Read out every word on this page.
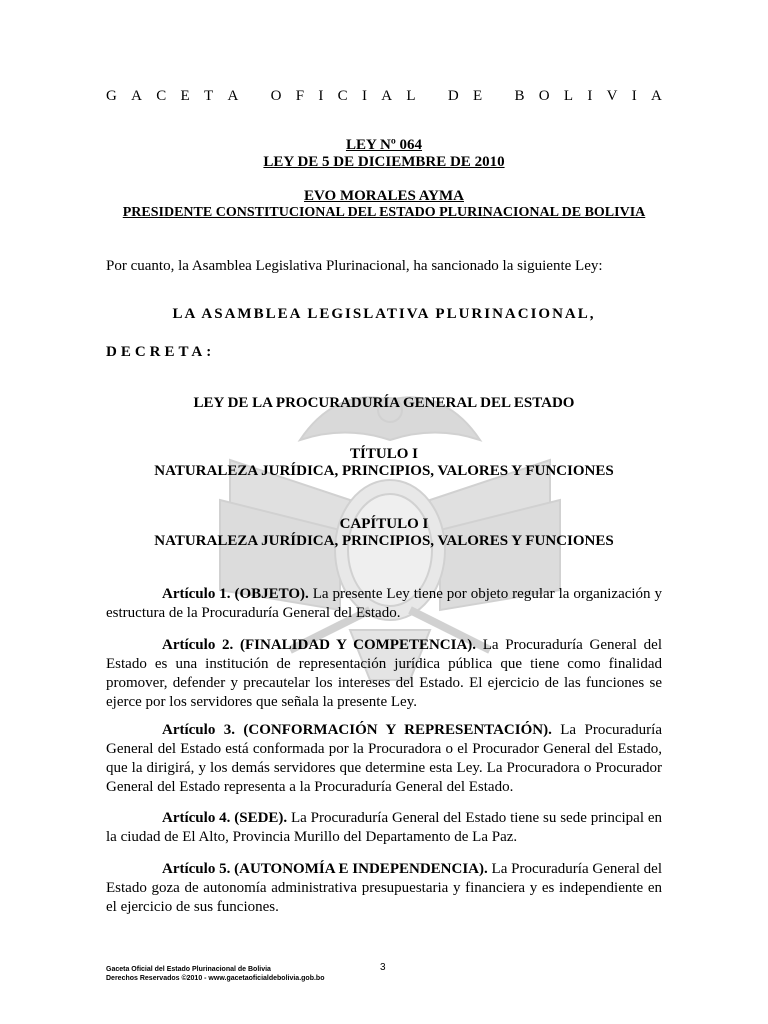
G A C E T A
O F I C I A L
D E
B O L I V I A
LEY Nº 064
LEY DE 5 DE DICIEMBRE DE 2010
EVO MORALES AYMA
PRESIDENTE CONSTITUCIONAL DEL ESTADO PLURINACIONAL DE BOLIVIA
Por cuanto, la Asamblea Legislativa Plurinacional, ha sancionado la siguiente Ley:
LA ASAMBLEA LEGISLATIVA PLURINACIONAL,
DECRETA:
LEY DE LA PROCURADURÍA GENERAL DEL ESTADO
TÍTULO I
NATURALEZA JURÍDICA, PRINCIPIOS, VALORES Y FUNCIONES
CAPÍTULO I
NATURALEZA JURÍDICA, PRINCIPIOS, VALORES Y FUNCIONES
Artículo 1. (OBJETO). La presente Ley tiene por objeto regular la organización y estructura de la Procuraduría General del Estado.
Artículo 2. (FINALIDAD Y COMPETENCIA). La Procuraduría General del Estado es una institución de representación jurídica pública que tiene como finalidad promover, defender y precautelar los intereses del Estado. El ejercicio de las funciones se ejerce por los servidores que señala la presente Ley.
Artículo 3. (CONFORMACIÓN Y REPRESENTACIÓN). La Procuraduría General del Estado está conformada por la Procuradora o el Procurador General del Estado, que la dirigirá, y los demás servidores que determine esta Ley. La Procuradora o Procurador General del Estado representa a la Procuraduría General del Estado.
Artículo 4. (SEDE). La Procuraduría General del Estado tiene su sede principal en la ciudad de El Alto, Provincia Murillo del Departamento de La Paz.
Artículo 5. (AUTONOMÍA E INDEPENDENCIA). La Procuraduría General del Estado goza de autonomía administrativa presupuestaria y financiera y es independiente en el ejercicio de sus funciones.
Gaceta Oficial del Estado Plurinacional de Bolivia
Derechos Reservados ©2010 - www.gacetaoficialdebolivia.gob.bo
3
